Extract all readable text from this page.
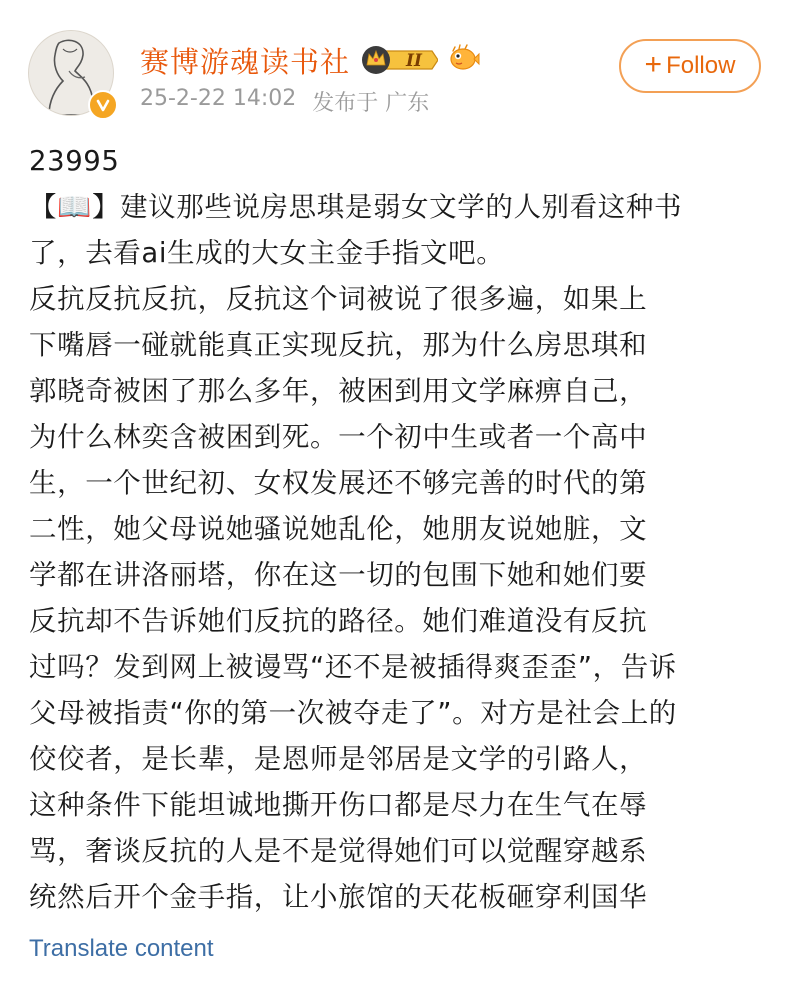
赛博游魂读书社	II
25-2-22 14:02 发布于 广东
+ Follow

23995

【📖】建议那些说房思琪是弱女文学的人别看这种书

了，去看ai生成的大女主金手指文吧。

反抗反抗反抗，反抗这个词被说了很多遍，如果上

下嘴唇一碰就能真正实现反抗，那为什么房思琪和

郭晓奇被困了那么多年，被困到用文学麻痹自己，

为什么林奕含被困到死。一个初中生或者一个高中

生，一个世纪初、女权发展还不够完善的时代的第

二性，她父母说她骚说她乱伦，她朋友说她脏，文

学都在讲洛丽塔，你在这一切的包围下她和她们要

反抗却不告诉她们反抗的路径。她们难道没有反抗

过吗？发到网上被谩骂“还不是被插得爽歪歪”，告诉

父母被指责“你的第一次被夺走了”。对方是社会上的

佼佼者，是长辈，是恩师是邻居是文学的引路人，

这种条件下能坦诚地撕开伤口都是尽力在生气在辱

骂，奢谈反抗的人是不是觉得她们可以觉醒穿越系

统然后开个金手指，让小旅馆的天花板砸穿利国华

Translate content
